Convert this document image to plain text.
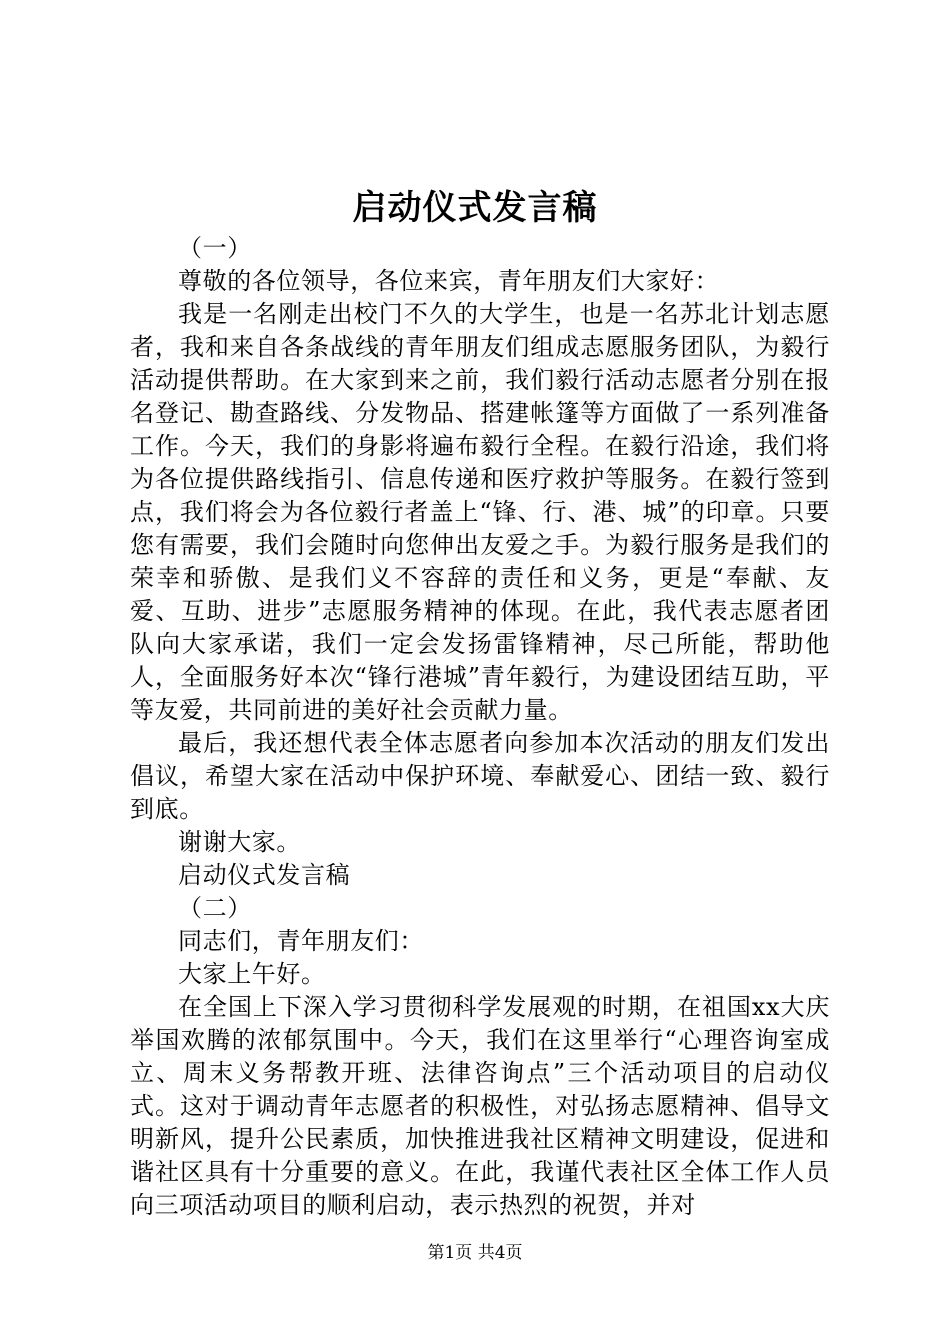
启动仪式发言稿

（一）

尊敬的各位领导，各位来宾，青年朋友们大家好：

我是一名刚走出校门不久的大学生，也是一名苏北计划志愿者，我和来自各条战线的青年朋友们组成志愿服务团队，为毅行活动提供帮助。在大家到来之前，我们毅行活动志愿者分别在报名登记、勘查路线、分发物品、搭建帐篷等方面做了一系列准备工作。今天，我们的身影将遍布毅行全程。在毅行沿途，我们将为各位提供路线指引、信息传递和医疗救护等服务。在毅行签到点，我们将会为各位毅行者盖上“锋、行、港、城”的印章。只要您有需要，我们会随时向您伸出友爱之手。为毅行服务是我们的荣幸和骄傲、是我们义不容辞的责任和义务，更是“奉献、友爱、互助、进步”志愿服务精神的体现。在此，我代表志愿者团队向大家承诺，我们一定会发扬雷锋精神，尽己所能，帮助他人，全面服务好本次“锋行港城”青年毅行，为建设团结互助，平等友爱，共同前进的美好社会贡献力量。

最后，我还想代表全体志愿者向参加本次活动的朋友们发出倡议，希望大家在活动中保护环境、奉献爱心、团结一致、毅行到底。

谢谢大家。

启动仪式发言稿

（二）

同志们，青年朋友们：

大家上午好。

在全国上下深入学习贯彻科学发展观的时期，在祖国xx大庆举国欢腾的浓郁氛围中。今天，我们在这里举行“心理咨询室成立、周末义务帮教开班、法律咨询点”三个活动项目的启动仪式。这对于调动青年志愿者的积极性，对弘扬志愿精神、倡导文明新风，提升公民素质，加快推进我社区精神文明建设，促进和谐社区具有十分重要的意义。在此，我谨代表社区全体工作人员向三项活动项目的顺利启动，表示热烈的祝贺，并对

第1页 共4页
